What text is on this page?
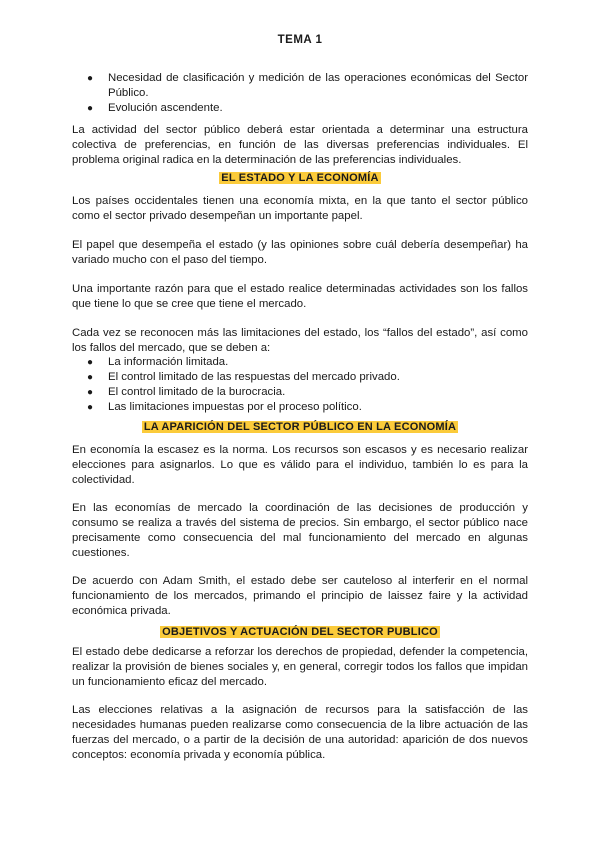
TEMA 1
● Necesidad de clasificación y medición de las operaciones económicas del Sector Público.
● Evolución ascendente.
La actividad del sector público deberá estar orientada a determinar una estructura colectiva de preferencias, en función de las diversas preferencias individuales. El problema original radica en la determinación de las preferencias individuales.
EL ESTADO Y LA ECONOMÍA
Los países occidentales tienen una economía mixta, en la que tanto el sector público como el sector privado desempeñan un importante papel.
El papel que desempeña el estado (y las opiniones sobre cuál debería desempeñar) ha variado mucho con el paso del tiempo.
Una importante razón para que el estado realice determinadas actividades son los fallos que tiene lo que se cree que tiene el mercado.
Cada vez se reconocen más las limitaciones del estado, los “fallos del estado”, así como los fallos del mercado, que se deben a:
● La información limitada.
● El control limitado de las respuestas del mercado privado.
● El control limitado de la burocracia.
● Las limitaciones impuestas por el proceso político.
LA APARICIÓN DEL SECTOR PÚBLICO EN LA ECONOMÍA
En economía la escasez es la norma. Los recursos son escasos y es necesario realizar elecciones para asignarlos. Lo que es válido para el individuo, también lo es para la colectividad.
En las economías de mercado la coordinación de las decisiones de producción y consumo se realiza a través del sistema de precios. Sin embargo, el sector público nace precisamente como consecuencia del mal funcionamiento del mercado en algunas cuestiones.
De acuerdo con Adam Smith, el estado debe ser cauteloso al interferir en el normal funcionamiento de los mercados, primando el principio de laissez faire y la actividad económica privada.
OBJETIVOS Y ACTUACIÓN DEL SECTOR PUBLICO
El estado debe dedicarse a reforzar los derechos de propiedad, defender la competencia, realizar la provisión de bienes sociales y, en general, corregir todos los fallos que impidan un funcionamiento eficaz del mercado.
Las elecciones relativas a la asignación de recursos para la satisfacción de las necesidades humanas pueden realizarse como consecuencia de la libre actuación de las fuerzas del mercado, o a partir de la decisión de una autoridad: aparición de dos nuevos conceptos: economía privada y economía pública.
